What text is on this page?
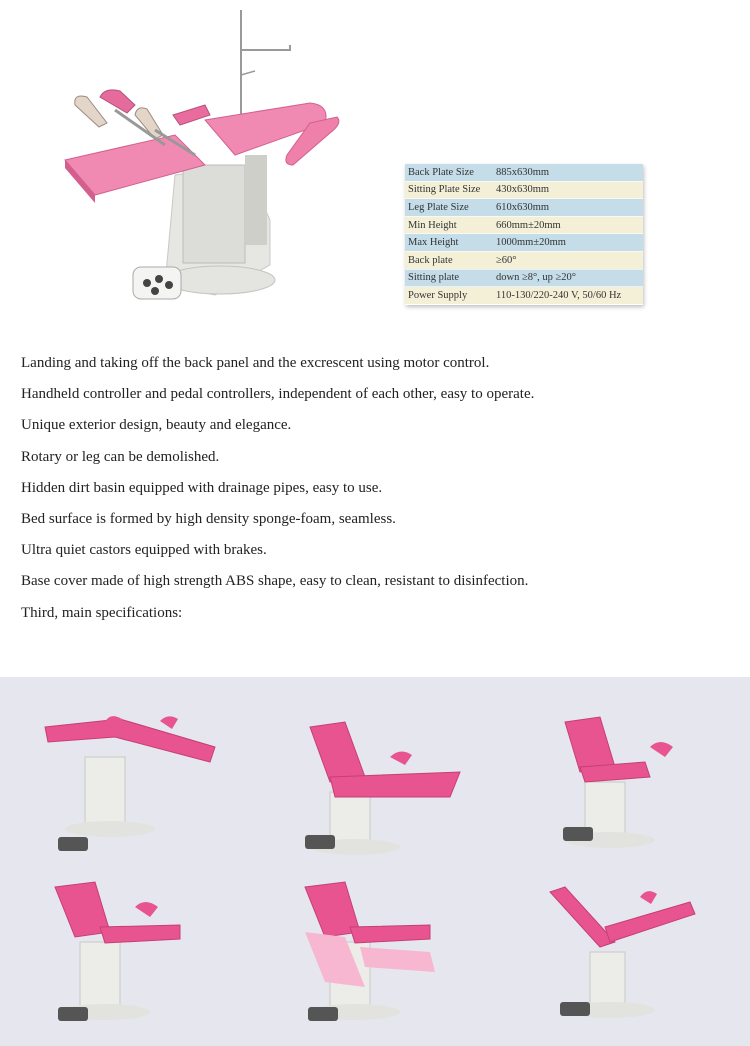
Back Plate Size	885x630mm
Sitting Plate Size	430x630mm
Leg Plate Size	610x630mm
Min Height	660mm±20mm
Max Height	1000mm±20mm
Back plate	≥60°
Sitting plate	down ≥8°, up ≥20°
Power Supply	110-130/220-240 V, 50/60 Hz

Landing and taking off the back panel and the excrescent using motor control.

Handheld controller and pedal controllers, independent of each other, easy to operate.

Unique exterior design, beauty and elegance.

Rotary or leg can be demolished.

Hidden dirt basin equipped with drainage pipes, easy to use.

Bed surface is formed by high density sponge-foam, seamless.

Ultra quiet castors equipped with brakes.

Base cover made of high strength ABS shape, easy to clean, resistant to disinfection.

Third, main specifications:
